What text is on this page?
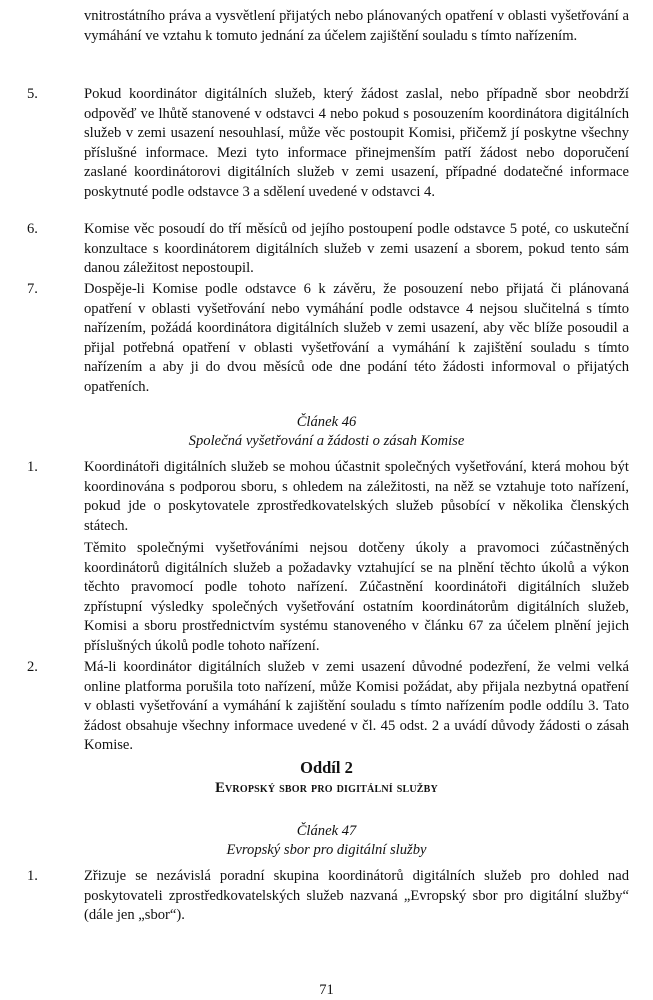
vnitrostátního práva a vysvětlení přijatých nebo plánovaných opatření v oblasti vyšetřování a vymáhání ve vztahu k tomuto jednání za účelem zajištění souladu s tímto nařízením.

5.	Pokud koordinátor digitálních služeb, který žádost zaslal, nebo případně sbor neobdrží odpověď ve lhůtě stanovené v odstavci 4 nebo pokud s posouzením koordinátora digitálních služeb v zemi usazení nesouhlasí, může věc postoupit Komisi, přičemž jí poskytne všechny příslušné informace. Mezi tyto informace přinejmenším patří žádost nebo doporučení zaslané koordinátorovi digitálních služeb v zemi usazení, případné dodatečné informace poskytnuté podle odstavce 3 a sdělení uvedené v odstavci 4.

6.	Komise věc posoudí do tří měsíců od jejího postoupení podle odstavce 5 poté, co uskuteční konzultace s koordinátorem digitálních služeb v zemi usazení a sborem, pokud tento sám danou záležitost nepostoupil.

7.	Dospěje-li Komise podle odstavce 6 k závěru, že posouzení nebo přijatá či plánovaná opatření v oblasti vyšetřování nebo vymáhání podle odstavce 4 nejsou slučitelná s tímto nařízením, požádá koordinátora digitálních služeb v zemi usazení, aby věc blíže posoudil a přijal potřebná opatření v oblasti vyšetřování a vymáhání k zajištění souladu s tímto nařízením a aby ji do dvou měsíců ode dne podání této žádosti informoval o přijatých opatřeních.

Článek 46

Společná vyšetřování a žádosti o zásah Komise

1.	Koordinátoři digitálních služeb se mohou účastnit společných vyšetřování, která mohou být koordinována s podporou sboru, s ohledem na záležitosti, na něž se vztahuje toto nařízení, pokud jde o poskytovatele zprostředkovatelských služeb působící v několika členských státech.

Těmito společnými vyšetřováními nejsou dotčeny úkoly a pravomoci zúčastněných koordinátorů digitálních služeb a požadavky vztahující se na plnění těchto úkolů a výkon těchto pravomocí podle tohoto nařízení. Zúčastnění koordinátoři digitálních služeb zpřístupní výsledky společných vyšetřování ostatním koordinátorům digitálních služeb, Komisi a sboru prostřednictvím systému stanoveného v článku 67 za účelem plnění jejich příslušných úkolů podle tohoto nařízení.

2.	Má-li koordinátor digitálních služeb v zemi usazení důvodné podezření, že velmi velká online platforma porušila toto nařízení, může Komisi požádat, aby přijala nezbytná opatření v oblasti vyšetřování a vymáhání k zajištění souladu s tímto nařízením podle oddílu 3. Tato žádost obsahuje všechny informace uvedené v čl. 45 odst. 2 a uvádí důvody žádosti o zásah Komise.

Oddíl 2

Evropský sbor pro digitální služby

Článek 47

Evropský sbor pro digitální služby

1.	Zřizuje se nezávislá poradní skupina koordinátorů digitálních služeb pro dohled nad poskytovateli zprostředkovatelských služeb nazvaná „Evropský sbor pro digitální služby“ (dále jen „sbor“).

71
